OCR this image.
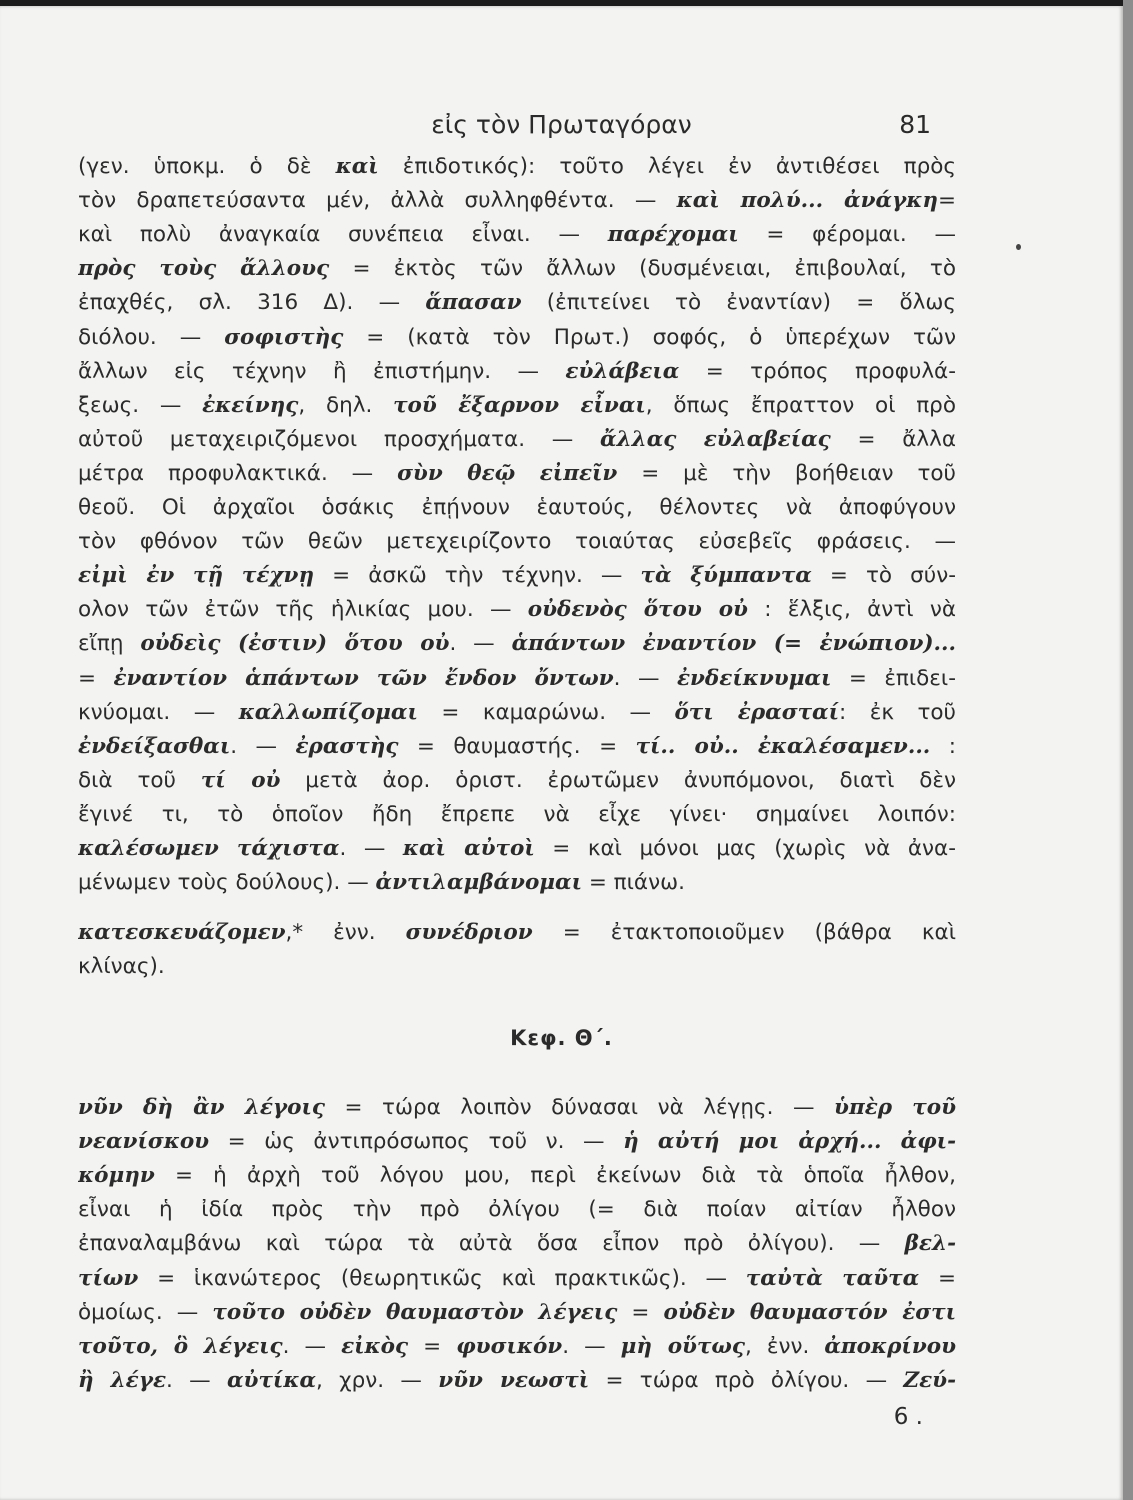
εἰς τὸν Πρωταγόραν	81
(γεν. ὑποκμ. ὁ δὲ καὶ ἐπιδοτικός): τοῦτο λέγει ἐν ἀντιθέσει πρὸς
τὸν δραπετεύσαντα μέν, ἀλλὰ συλληφθέντα. — καὶ πολύ... ἀνάγκη=
καὶ πολὺ ἀναγκαία συνέπεια εἶναι. — παρέχομαι = φέρομαι. —
πρὸς τοὺς ἄλλους = ἐκτὸς τῶν ἄλλων (δυσμένειαι, ἐπιβουλαί, τὸ
ἐπαχθές, σλ. 316 Δ). — ἅπασαν (ἐπιτείνει τὸ ἐναντίαν) = ὅλως
διόλου. — σοφιστὴς = (κατὰ τὸν Πρωτ.) σοφός, ὁ ὑπερέχων τῶν
ἄλλων εἰς τέχνην ἢ ἐπιστήμην. — εὐλάβεια = τρόπος προφυλά-
ξεως. — ἐκείνης, δηλ. τοῦ ἔξαρνον εἶναι, ὅπως ἔπραττον οἱ πρὸ
αὐτοῦ μεταχειριζόμενοι προσχήματα. — ἄλλας εὐλαβείας = ἄλλα
μέτρα προφυλακτικά. — σὺν θεῷ εἰπεῖν = μὲ τὴν βοήθειαν τοῦ
θεοῦ. Οἱ ἀρχαῖοι ὁσάκις ἐπῄνουν ἑαυτούς, θέλοντες νὰ ἀποφύγουν
τὸν φθόνον τῶν θεῶν μετεχειρίζοντο τοιαύτας εὐσεβεῖς φράσεις. —
εἰμὶ ἐν τῇ τέχνῃ = ἀσκῶ τὴν τέχνην. — τὰ ξύμπαντα = τὸ σύν-
ολον τῶν ἐτῶν τῆς ἡλικίας μου. — οὐδενὸς ὅτου οὐ : ἕλξις, ἀντὶ νὰ
εἴπῃ οὐδεὶς (ἐστιν) ὅτου οὐ. — ἁπάντων ἐναντίον (= ἐνώπιον)...
= ἐναντίον ἁπάντων τῶν ἔνδον ὄντων. — ἐνδείκνυμαι = ἐπιδει-
κνύομαι. — καλλωπίζομαι = καμαρώνω. — ὅτι ἐρασταί: ἐκ τοῦ
ἐνδείξασθαι. — ἐραστὴς = θαυμαστής. = τί.. οὐ.. ἐκαλέσαμεν... :
διὰ τοῦ τί οὐ μετὰ ἀορ. ὁριστ. ἐρωτῶμεν ἀνυπόμονοι, διατὶ δὲν
ἔγινέ τι, τὸ ὁποῖον ἤδη ἔπρεπε νὰ εἶχε γίνει· σημαίνει λοιπόν:
καλέσωμεν τάχιστα. — καὶ αὐτοὶ = καὶ μόνοι μας (χωρὶς νὰ ἀνα-
μένωμεν τοὺς δούλους). — ἀντιλαμβάνομαι = πιάνω.
κατεσκευάζομεν,* ἐνν. συνέδριον = ἐτακτοποιοῦμεν (βάθρα καὶ
κλίνας).
Κεφ. Θ΄.
νῦν δὴ ἂν λέγοις = τώρα λοιπὸν δύνασαι νὰ λέγῃς. — ὑπὲρ τοῦ
νεανίσκου = ὡς ἀντιπρόσωπος τοῦ ν. — ἡ αὐτή μοι ἀρχή... ἀφι-
κόμην = ἡ ἀρχὴ τοῦ λόγου μου, περὶ ἐκείνων διὰ τὰ ὁποῖα ἦλθον,
εἶναι ἡ ἰδία πρὸς τὴν πρὸ ὀλίγου (= διὰ ποίαν αἰτίαν ἦλθον
ἐπαναλαμβάνω καὶ τώρα τὰ αὐτὰ ὅσα εἶπον πρὸ ὀλίγου). — βελ-
τίων = ἱκανώτερος (θεωρητικῶς καὶ πρακτικῶς). — ταὐτὰ ταῦτα =
ὁμοίως. — τοῦτο οὐδὲν θαυμαστὸν λέγεις = οὐδὲν θαυμαστόν ἐστι
τοῦτο, ὃ λέγεις. — εἰκὸς = φυσικόν. — μὴ οὕτως, ἐνν. ἀποκρίνου
ἢ λέγε. — αὐτίκα, χρν. — νῦν νεωστὶ = τώρα πρὸ ὀλίγου. — Ζεύ-
6 .
